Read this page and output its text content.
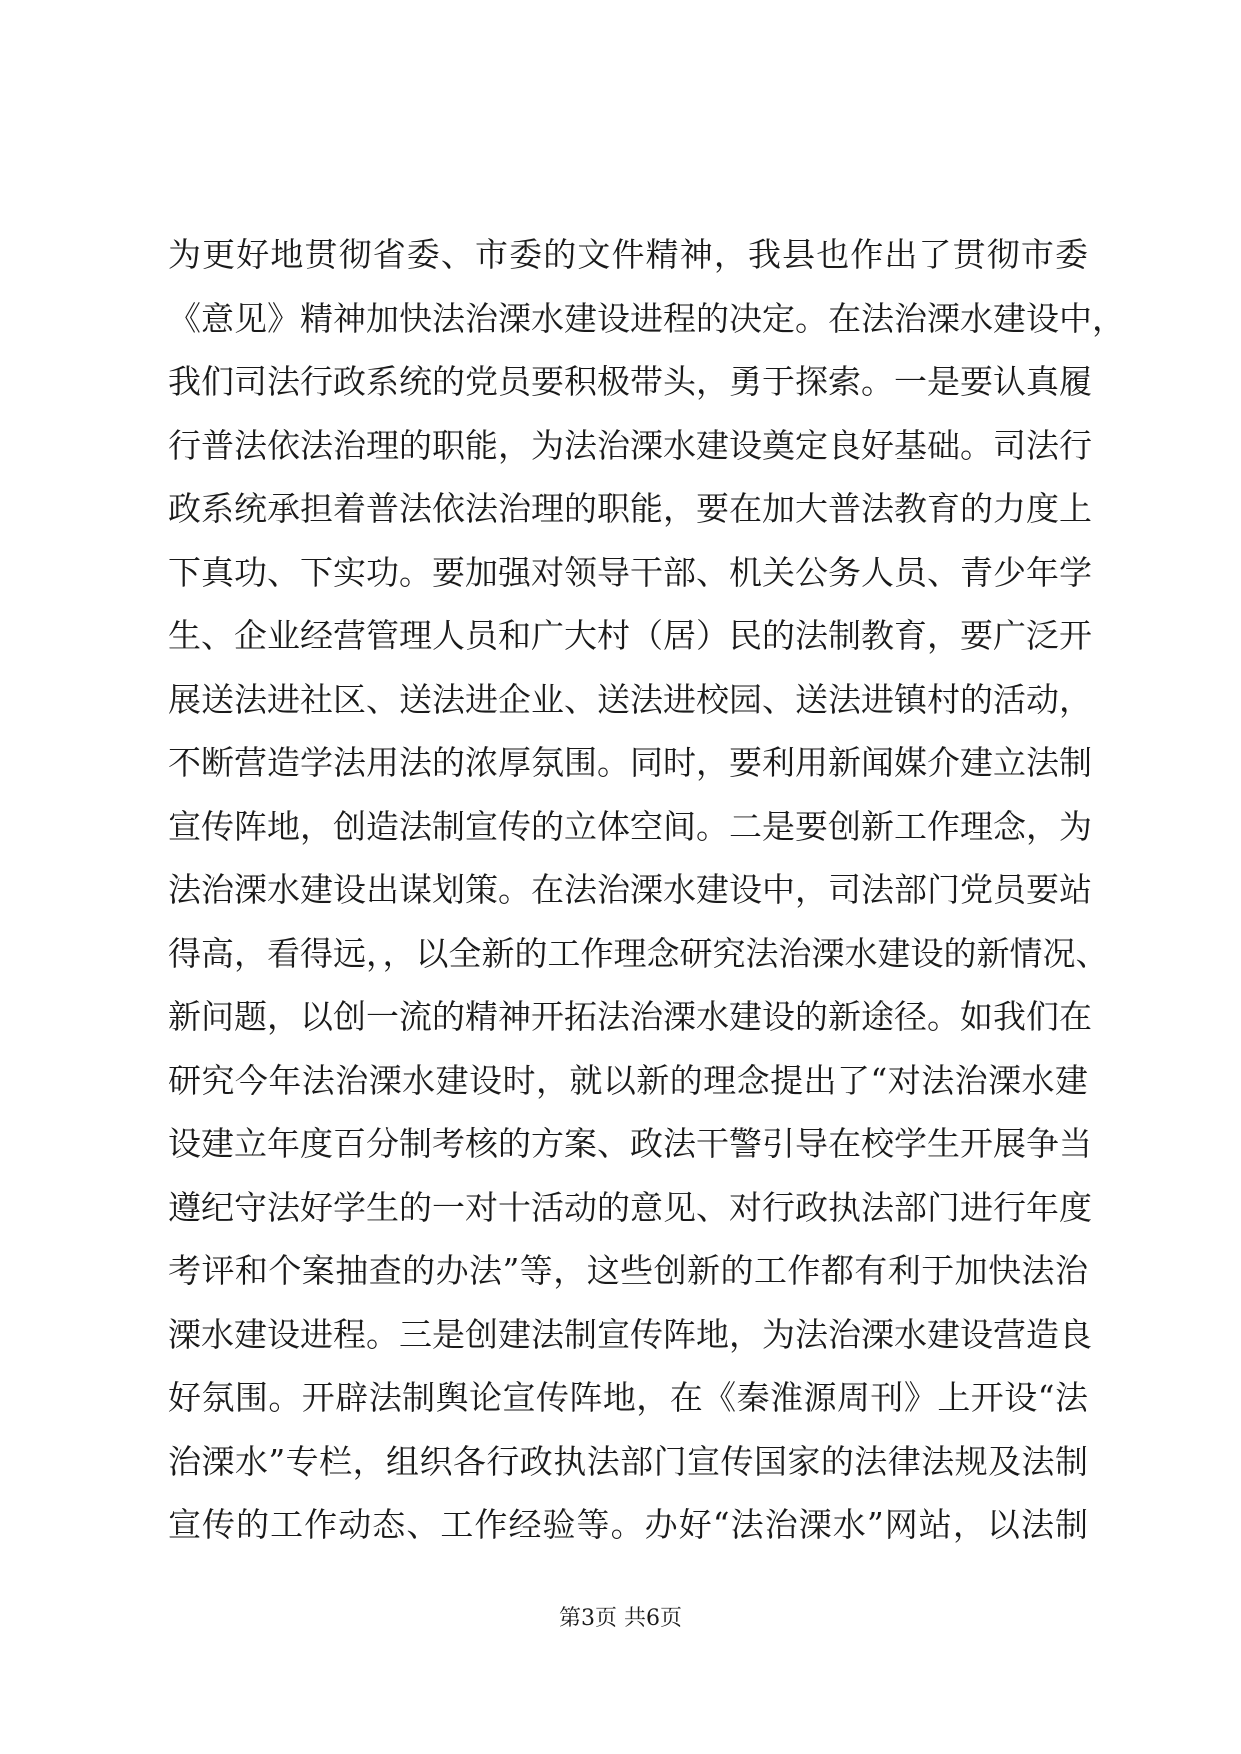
为更好地贯彻省委、市委的文件精神，我县也作出了贯彻市委
《意见》精神加快法治溧水建设进程的决定。在法治溧水建设中，
我们司法行政系统的党员要积极带头，勇于探索。一是要认真履
行普法依法治理的职能，为法治溧水建设奠定良好基础。司法行
政系统承担着普法依法治理的职能，要在加大普法教育的力度上
下真功、下实功。要加强对领导干部、机关公务人员、青少年学
生、企业经营管理人员和广大村（居）民的法制教育，要广泛开
展送法进社区、送法进企业、送法进校园、送法进镇村的活动，
不断营造学法用法的浓厚氛围。同时，要利用新闻媒介建立法制
宣传阵地，创造法制宣传的立体空间。二是要创新工作理念，为
法治溧水建设出谋划策。在法治溧水建设中，司法部门党员要站
得高，看得远，，以全新的工作理念研究法治溧水建设的新情况、
新问题，以创一流的精神开拓法治溧水建设的新途径。如我们在
研究今年法治溧水建设时，就以新的理念提出了“对法治溧水建
设建立年度百分制考核的方案、政法干警引导在校学生开展争当
遵纪守法好学生的一对十活动的意见、对行政执法部门进行年度
考评和个案抽查的办法”等，这些创新的工作都有利于加快法治
溧水建设进程。三是创建法制宣传阵地，为法治溧水建设营造良
好氛围。开辟法制舆论宣传阵地，在《秦淮源周刊》上开设“法
治溧水”专栏，组织各行政执法部门宣传国家的法律法规及法制
宣传的工作动态、工作经验等。办好“法治溧水”网站，以法制
第3页 共6页
